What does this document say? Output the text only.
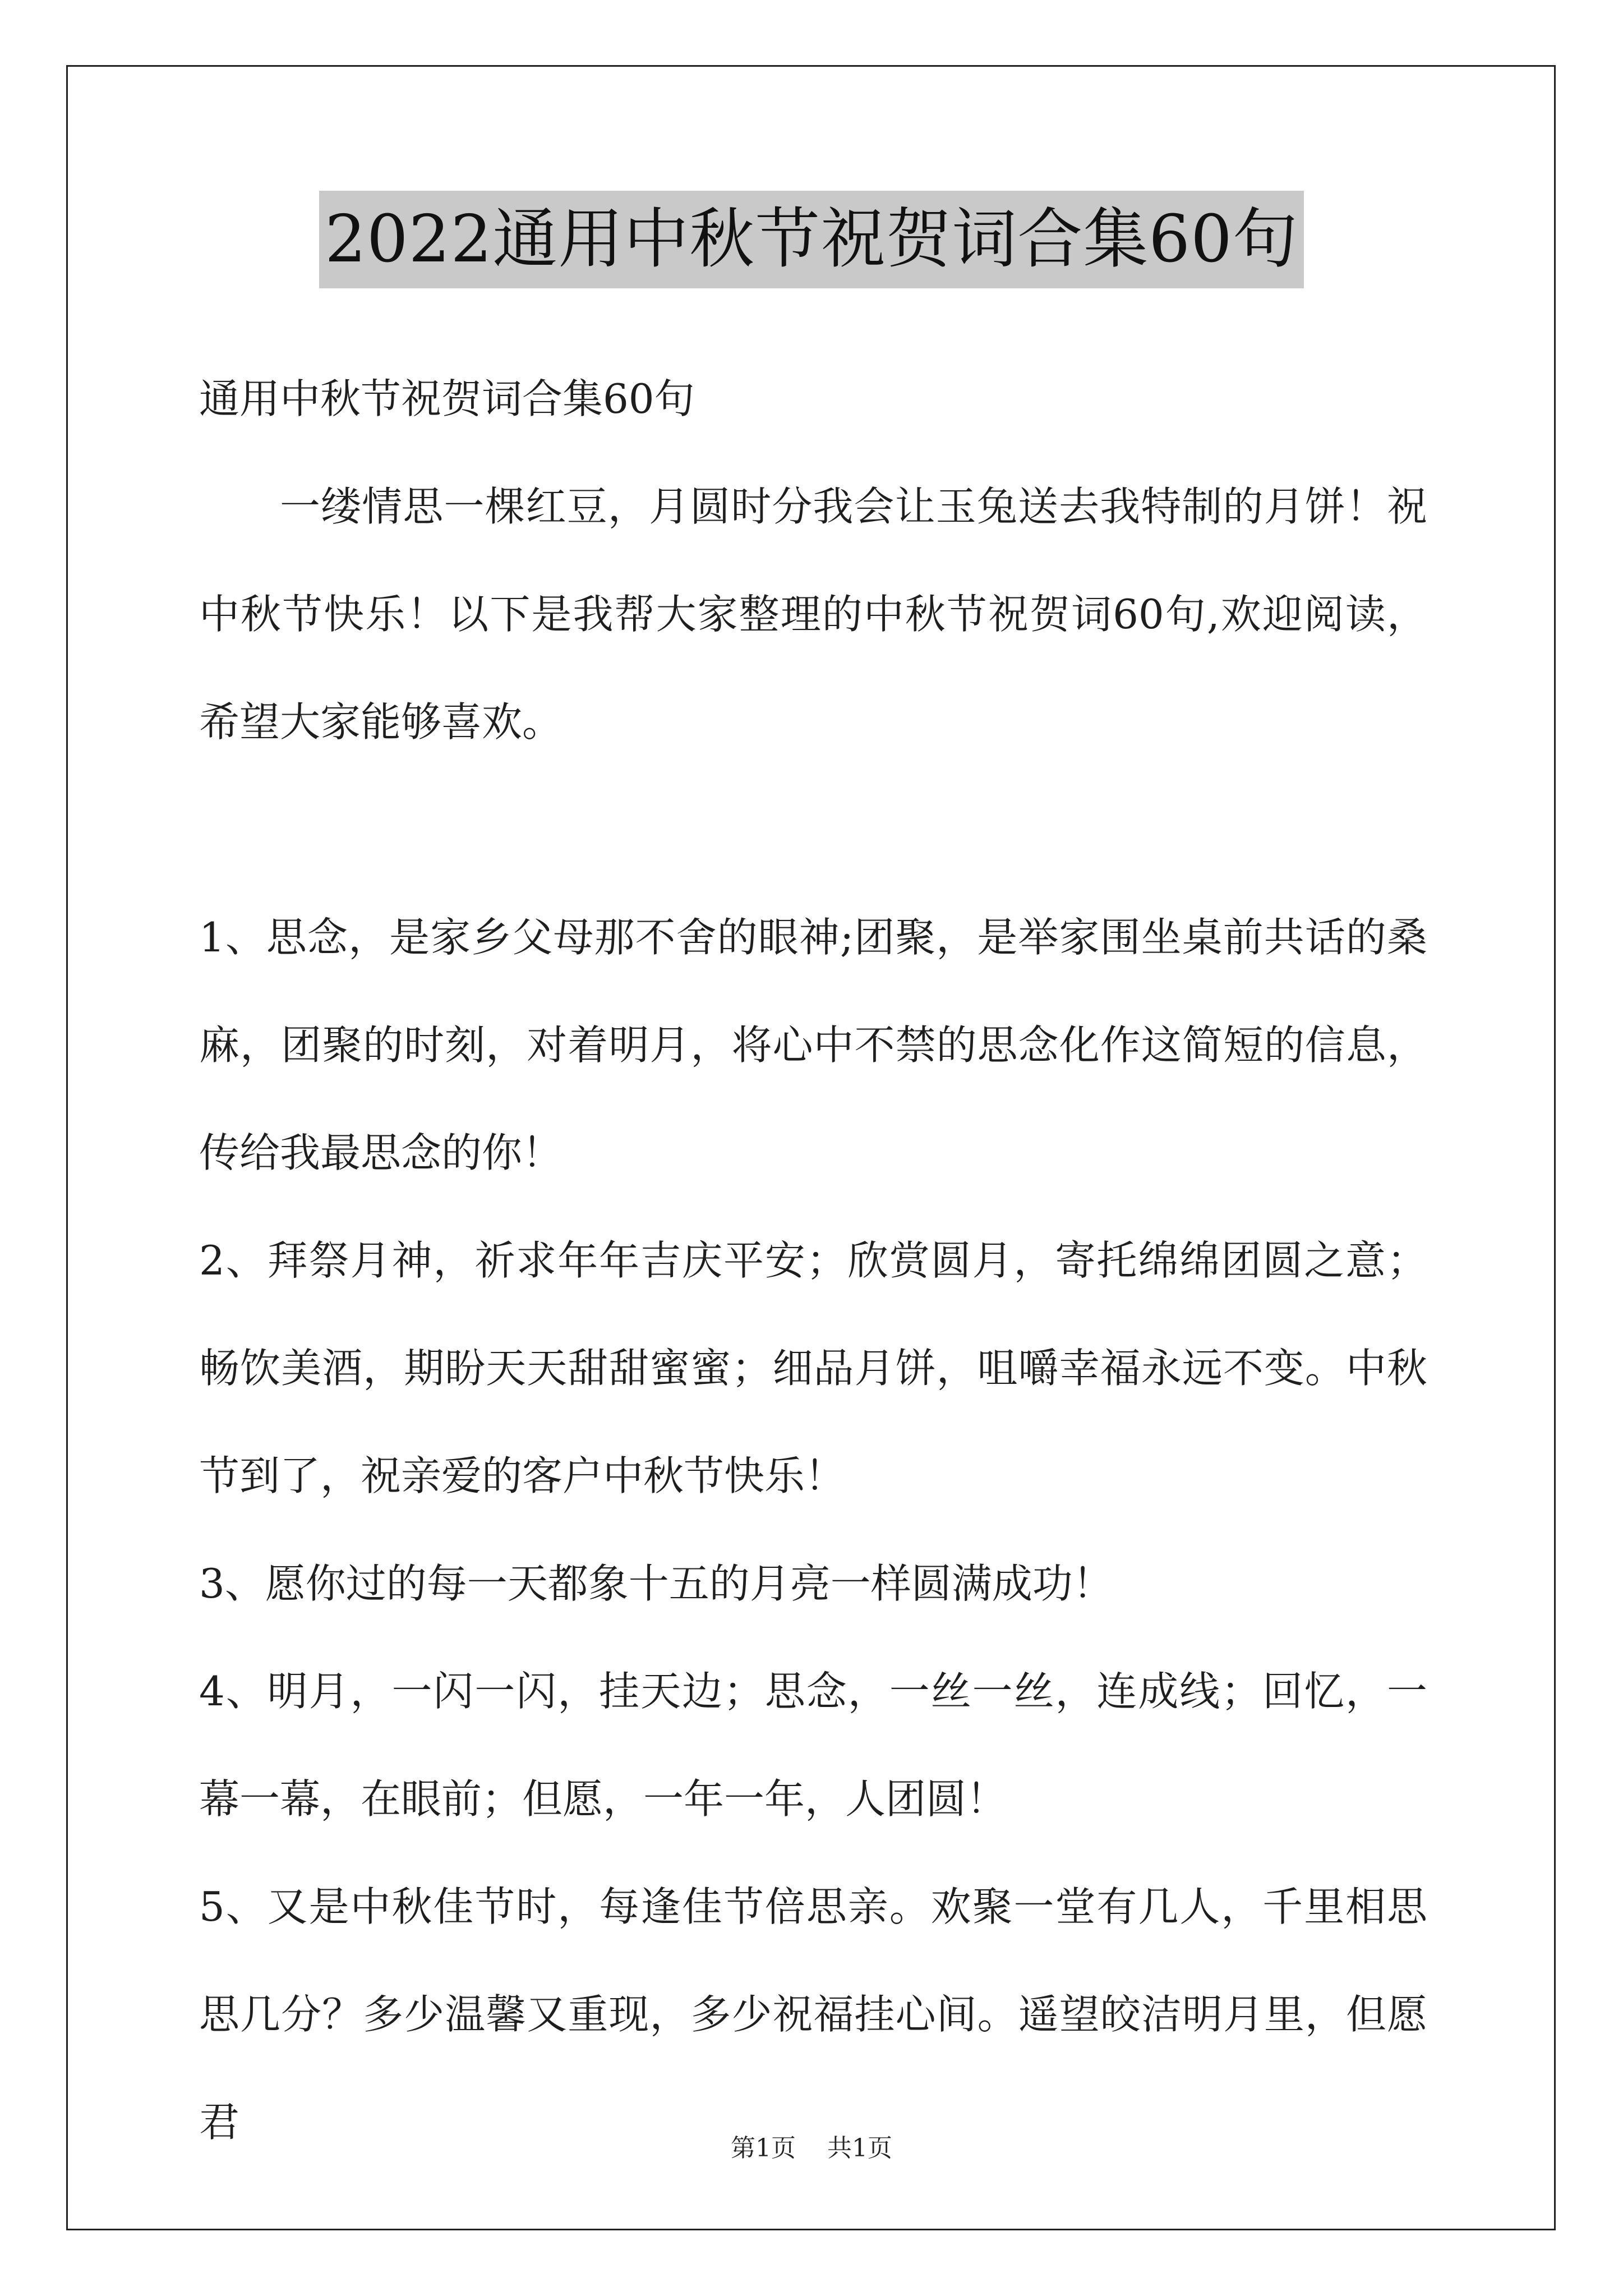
2022通用中秋节祝贺词合集60句

通用中秋节祝贺词合集60句

一缕情思一棵红豆，月圆时分我会让玉兔送去我特制的月饼！祝中秋节快乐！以下是我帮大家整理的中秋节祝贺词60句,欢迎阅读，希望大家能够喜欢。

1、思念，是家乡父母那不舍的眼神;团聚，是举家围坐桌前共话的桑麻，团聚的时刻，对着明月，将心中不禁的思念化作这简短的信息，传给我最思念的你！

2、拜祭月神，祈求年年吉庆平安；欣赏圆月，寄托绵绵团圆之意；畅饮美酒，期盼天天甜甜蜜蜜；细品月饼，咀嚼幸福永远不变。中秋节到了，祝亲爱的客户中秋节快乐！

3、愿你过的每一天都象十五的月亮一样圆满成功！

4、明月，一闪一闪，挂天边；思念，一丝一丝，连成线；回忆，一幕一幕，在眼前；但愿，一年一年，人团圆！

5、又是中秋佳节时，每逢佳节倍思亲。欢聚一堂有几人，千里相思思几分？多少温馨又重现，多少祝福挂心间。遥望皎洁明月里，但愿君

第1页 共1页
